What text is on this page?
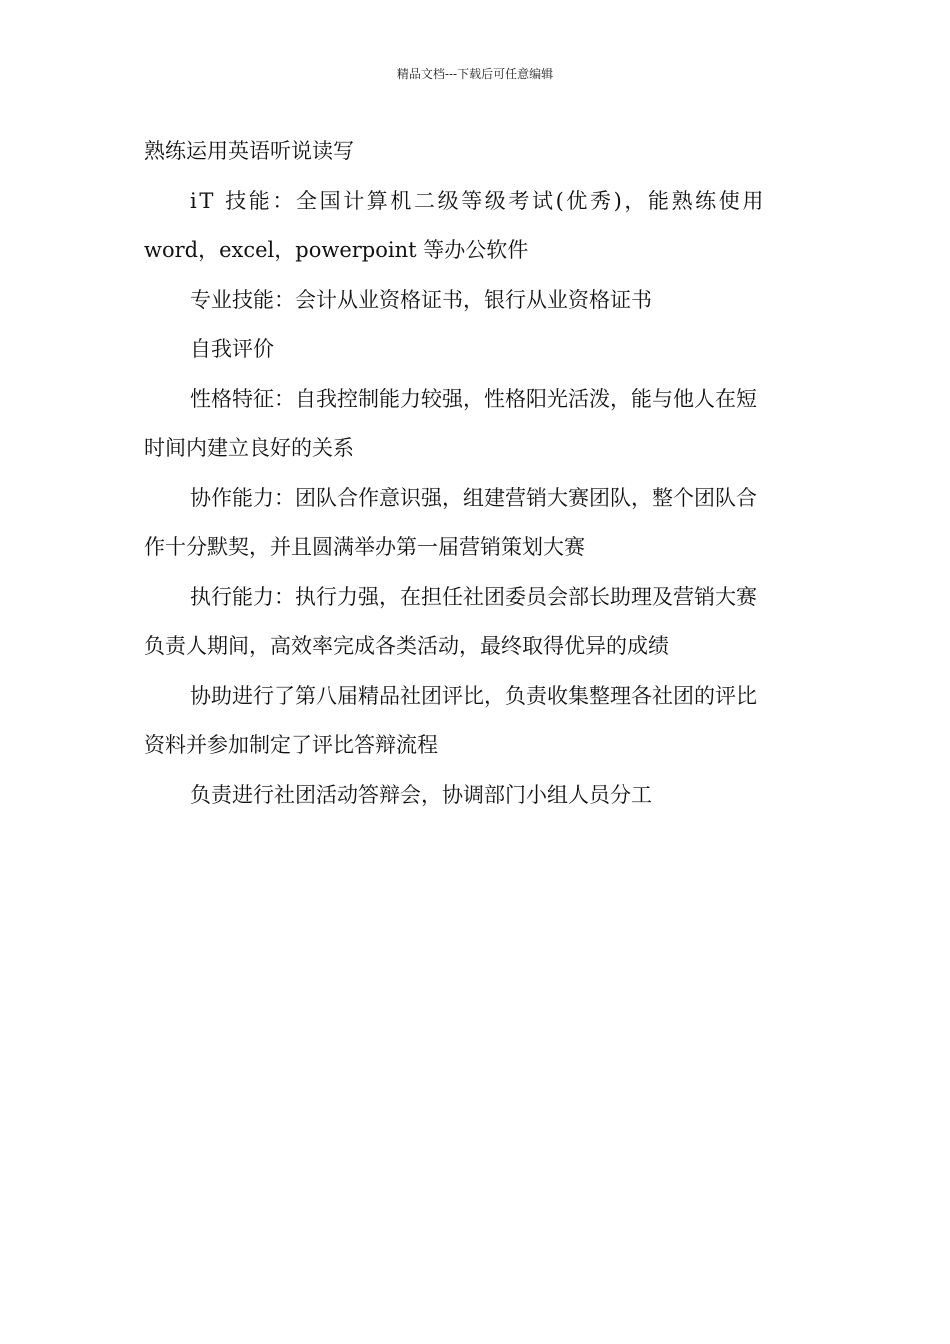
精品文档---下载后可任意编辑

熟练运用英语听说读写

iT 技能：全国计算机二级等级考试(优秀)，能熟练使用
word，excel，powerpoint 等办公软件

专业技能：会计从业资格证书，银行从业资格证书

自我评价

性格特征：自我控制能力较强，性格阳光活泼，能与他人在短
时间内建立良好的关系

协作能力：团队合作意识强，组建营销大赛团队，整个团队合
作十分默契，并且圆满举办第一届营销策划大赛

执行能力：执行力强，在担任社团委员会部长助理及营销大赛
负责人期间，高效率完成各类活动，最终取得优异的成绩

协助进行了第八届精品社团评比，负责收集整理各社团的评比
资料并参加制定了评比答辩流程

负责进行社团活动答辩会，协调部门小组人员分工
